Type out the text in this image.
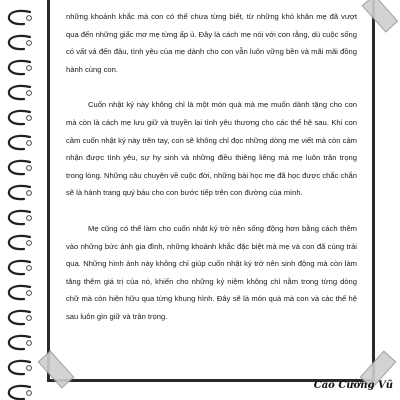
những khoảnh khắc mà con có thể chưa từng biết, từ những khó khăn mẹ đã vượt qua đến những giấc mơ mẹ từng ấp ủ. Đây là cách mẹ nói với con rằng, dù cuộc sống có vất vả đến đâu, tình yêu của mẹ dành cho con vẫn luôn vững bền và mãi mãi đồng hành cùng con.

Cuốn nhật ký này không chỉ là một món quà mà mẹ muốn dành tặng cho con mà còn là cách mẹ lưu giữ và truyền lại tình yêu thương cho các thế hệ sau. Khi con cầm cuốn nhật ký này trên tay, con sẽ không chỉ đọc những dòng mẹ viết mà còn cảm nhận được tình yêu, sự hy sinh và những điều thiêng liêng mà mẹ luôn trân trọng trong lòng. Những câu chuyện về cuộc đời, những bài học mẹ đã học được chắc chắn sẽ là hành trang quý báu cho con bước tiếp trên con đường của mình.

Mẹ cũng có thể làm cho cuốn nhật ký trở nên sống động hơn bằng cách thêm vào những bức ảnh gia đình, những khoảnh khắc đặc biệt mà mẹ và con đã cùng trải qua. Những hình ảnh này không chỉ giúp cuốn nhật ký trở nên sinh động mà còn làm tăng thêm giá trị của nó, khiến cho những kỷ niệm không chỉ nằm trong từng dòng chữ mà còn hiện hữu qua từng khung hình. Đây sẽ là món quà mà con và các thế hệ sau luôn gìn giữ và trân trọng.

Cao Cường Vũ
